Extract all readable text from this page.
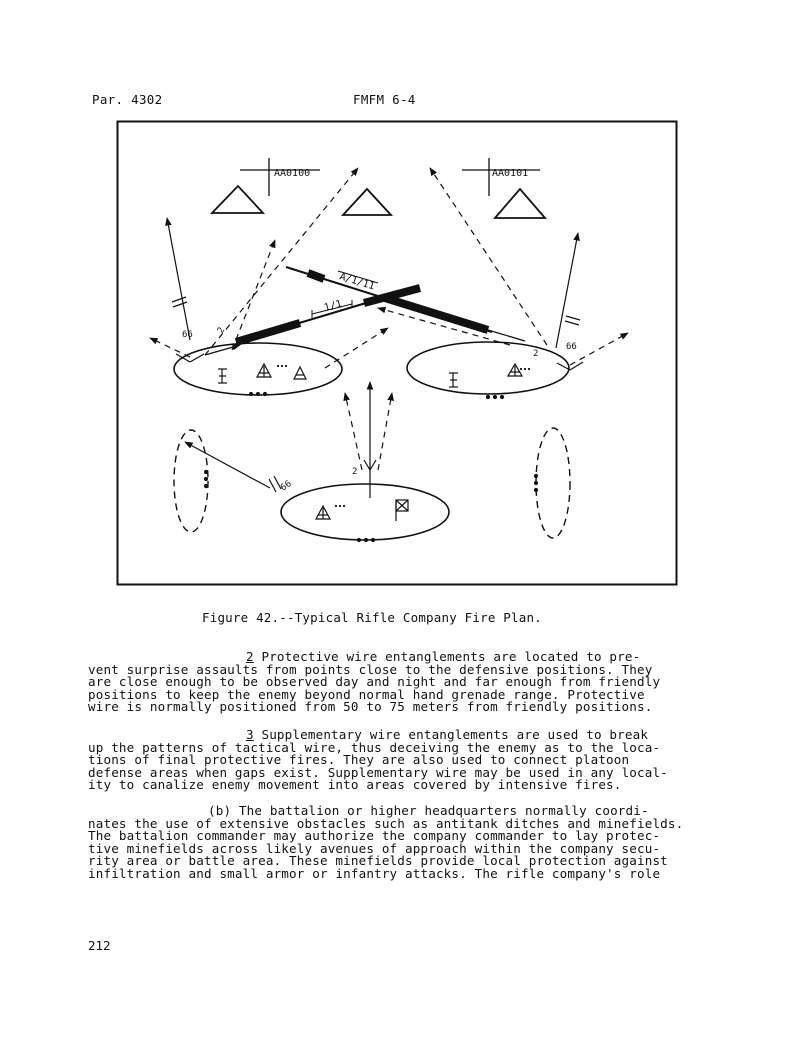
Par. 4302	FMFM 6-4
AA0100	AA0101
A/1/11
1/1
66
66
66
2
2
2
Figure 42.--Typical Rifle Company Fire Plan.
2 Protective wire entanglements are located to pre-
vent surprise assaults from points close to the defensive positions. They
are close enough to be observed day and night and far enough from friendly
positions to keep the enemy beyond normal hand grenade range. Protective
wire is normally positioned from 50 to 75 meters from friendly positions.
3 Supplementary wire entanglements are used to break
up the patterns of tactical wire, thus deceiving the enemy as to the loca-
tions of final protective fires. They are also used to connect platoon
defense areas when gaps exist. Supplementary wire may be used in any local-
ity to canalize enemy movement into areas covered by intensive fires.
(b) The battalion or higher headquarters normally coordi-
nates the use of extensive obstacles such as antitank ditches and minefields.
The battalion commander may authorize the company commander to lay protec-
tive minefields across likely avenues of approach within the company secu-
rity area or battle area. These minefields provide local protection against
infiltration and small armor or infantry attacks. The rifle company's role
212
